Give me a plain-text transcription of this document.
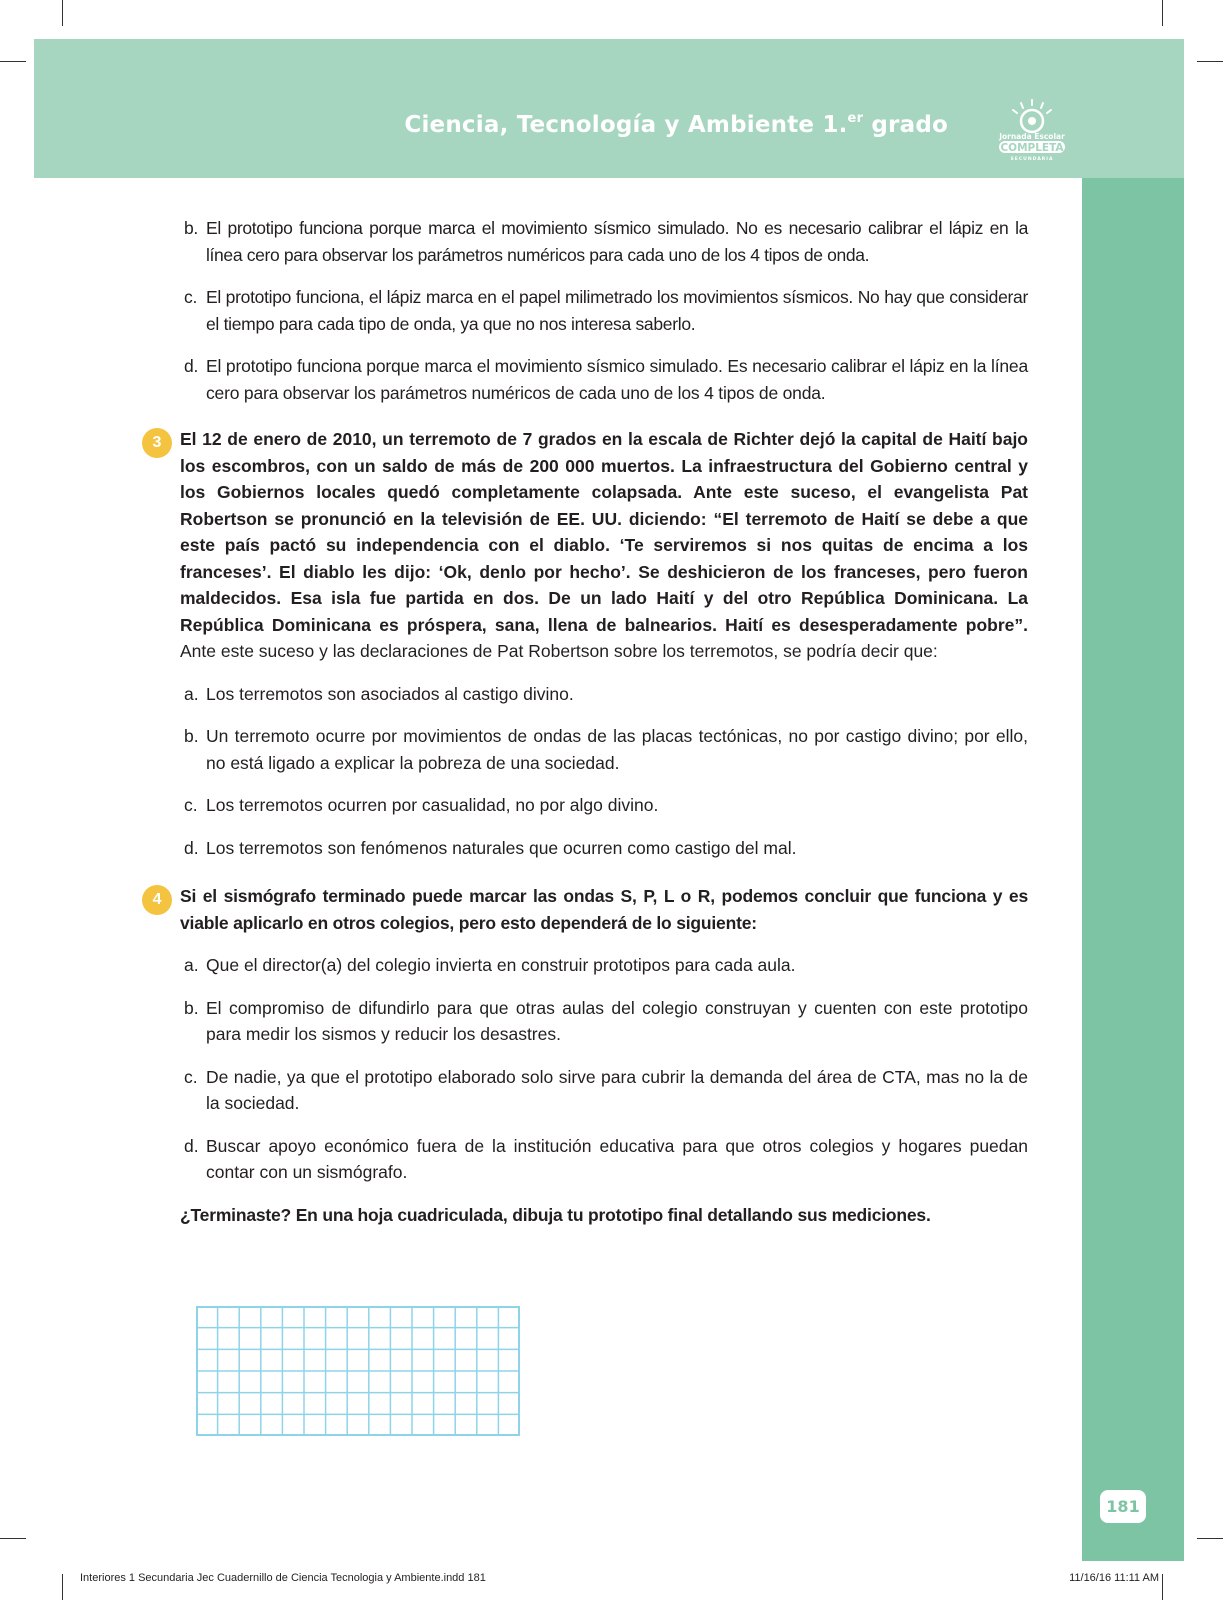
Ciencia, Tecnología y Ambiente 1.$^{er}$ grado	Jornada Escolar
COMPLETA
SECUNDARIA
181
b. El prototipo funciona porque marca el movimiento sísmico simulado. No es necesario calibrar el lápiz en la línea cero para observar los parámetros numéricos para cada uno de los 4 tipos de onda.
c. El prototipo funciona, el lápiz marca en el papel milimetrado los movimientos sísmicos. No hay que considerar el tiempo para cada tipo de onda, ya que no nos interesa saberlo.
d. El prototipo funciona porque marca el movimiento sísmico simulado. Es necesario calibrar el lápiz en la línea cero para observar los parámetros numéricos de cada uno de los 4 tipos de onda.
3	El 12 de enero de 2010, un terremoto de 7 grados en la escala de Richter dejó la capital de Haití bajo los escombros, con un saldo de más de 200 000 muertos. La infraestructura del Gobierno central y los Gobiernos locales quedó completamente colapsada. Ante este suceso, el evangelista Pat Robertson se pronunció en la televisión de EE. UU. diciendo: “El terremoto de Haití se debe a que este país pactó su independencia con el diablo. ‘Te serviremos si nos quitas de encima a los franceses’. El diablo les dijo: ‘Ok, denlo por hecho’. Se deshicieron de los franceses, pero fueron maldecidos. Esa isla fue partida en dos. De un lado Haití y del otro República Dominicana. La República Dominicana es próspera, sana, llena de balnearios. Haití es desesperadamente pobre”. Ante este suceso y las declaraciones de Pat Robertson sobre los terremotos, se podría decir que:
a. Los terremotos son asociados al castigo divino.
b. Un terremoto ocurre por movimientos de ondas de las placas tectónicas, no por castigo divino; por ello, no está ligado a explicar la pobreza de una sociedad.
c. Los terremotos ocurren por casualidad, no por algo divino.
d. Los terremotos son fenómenos naturales que ocurren como castigo del mal.
4	Si el sismógrafo terminado puede marcar las ondas S, P, L o R, podemos concluir que funciona y es viable aplicarlo en otros colegios, pero esto dependerá de lo siguiente:
a. Que el director(a) del colegio invierta en construir prototipos para cada aula.
b. El compromiso de difundirlo para que otras aulas del colegio construyan y cuenten con este prototipo para medir los sismos y reducir los desastres.
c. De nadie, ya que el prototipo elaborado solo sirve para cubrir la demanda del área de CTA, mas no la de la sociedad.
d. Buscar apoyo económico fuera de la institución educativa para que otros colegios y hogares puedan contar con un sismógrafo.

¿Terminaste? En una hoja cuadriculada, dibuja tu prototipo final detallando sus mediciones.

Interiores 1 Secundaria Jec Cuadernillo de Ciencia Tecnologia y Ambiente.indd 181	11/16/16 11:11 AM
